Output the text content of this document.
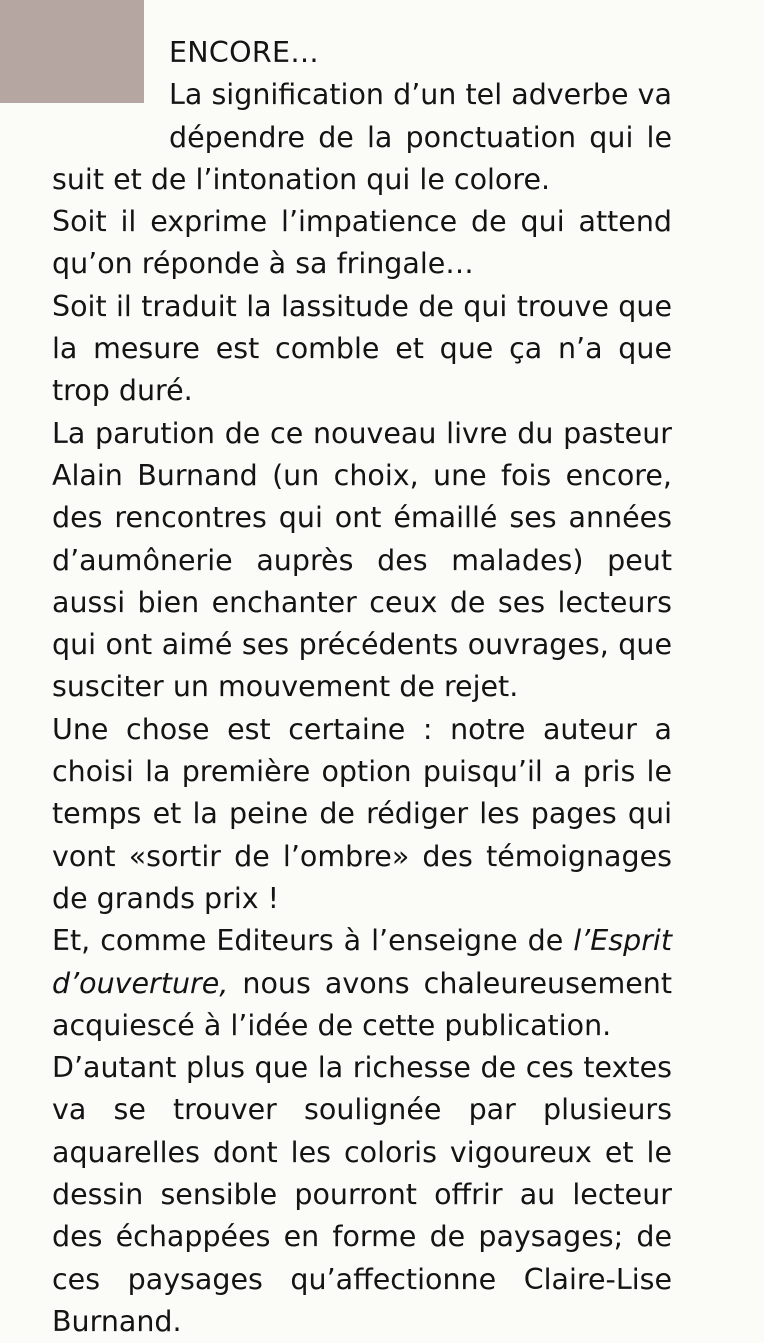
ENCORE…

La signification d’un tel adverbe va dépendre de la ponctuation qui le suit et de l’intonation qui le colore.

Soit il exprime l’impatience de qui attend qu’on réponde à sa fringale…

Soit il traduit la lassitude de qui trouve que la mesure est comble et que ça n’a que trop duré.

La parution de ce nouveau livre du pasteur Alain Burnand (un choix, une fois encore, des rencontres qui ont émaillé ses années d’aumônerie auprès des malades) peut aussi bien enchanter ceux de ses lecteurs qui ont aimé ses précédents ouvrages, que susciter un mouvement de rejet.

Une chose est certaine : notre auteur a choisi la première option puisqu’il a pris le temps et la peine de rédiger les pages qui vont «sortir de l’ombre» des témoignages de grands prix !

Et, comme Editeurs à l’enseigne de l’Esprit d’ouverture, nous avons chaleureusement acquiescé à l’idée de cette publication.

D’autant plus que la richesse de ces textes va se trouver soulignée par plusieurs aquarelles dont les coloris vigoureux et le dessin sensible pourront offrir au lecteur des échappées en forme de paysages; de ces paysages qu’affectionne Claire-Lise Burnand.
